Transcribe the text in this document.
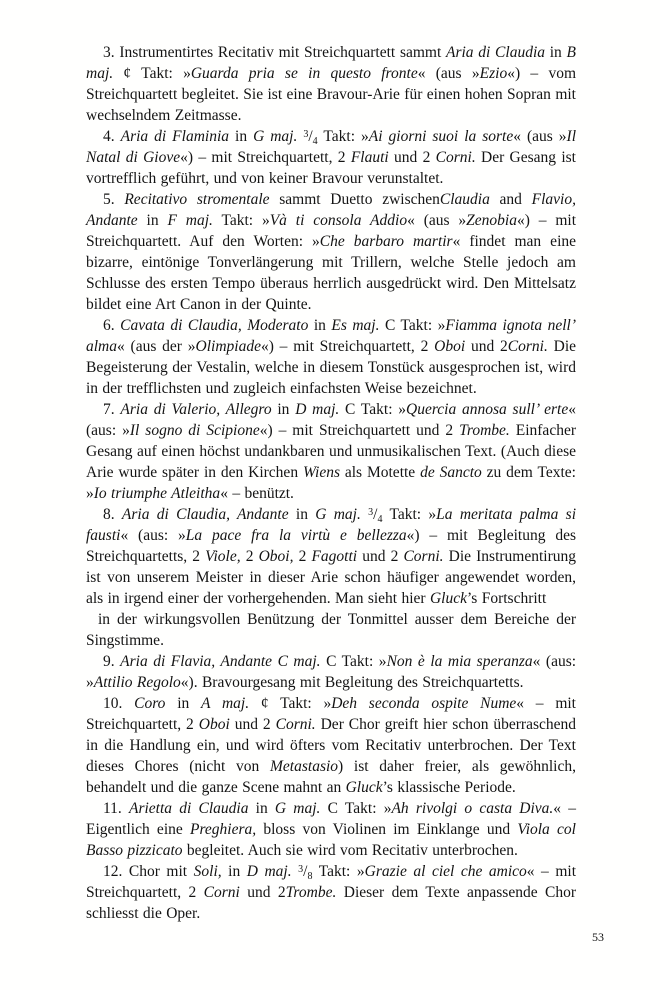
3. Instrumentirtes Recitativ mit Streichquartett sammt Aria di Claudia in B maj. ¢ Takt: »Guarda pria se in questo fronte« (aus »Ezio«) – vom Streichquartett begleitet. Sie ist eine Bravour-Arie für einen hohen Sopran mit wechselndem Zeitmasse.

4. Aria di Flaminia in G maj. $^3/_4$ Takt: »Ai giorni suoi la sorte« (aus »Il Natal di Giove«) – mit Streichquartett, 2 Flauti und 2 Corni. Der Gesang ist vortrefflich geführt, und von keiner Bravour verunstaltet.

5. Recitativo stromentale sammt Duetto zwischenClaudia and Flavio, Andante in F maj. Takt: »Và ti consola Addio« (aus »Zenobia«) – mit Streichquartett. Auf den Worten: »Che barbaro martir« findet man eine bizarre, eintönige Tonverlängerung mit Trillern, welche Stelle jedoch am Schlusse des ersten Tempo überaus herrlich ausgedrückt wird. Den Mittelsatz bildet eine Art Canon in der Quinte.

6. Cavata di Claudia, Moderato in Es maj. C Takt: »Fiamma ignota nell’ alma« (aus der »Olimpiade«) – mit Streichquartett, 2 Oboi und 2Corni. Die Begeisterung der Vestalin, welche in diesem Tonstück ausgesprochen ist, wird in der trefflichsten und zugleich einfachsten Weise bezeichnet.

7. Aria di Valerio, Allegro in D maj. C Takt: »Quercia annosa sull’ erte« (aus: »Il sogno di Scipione«) – mit Streichquartett und 2 Trombe. Einfacher Gesang auf einen höchst undankbaren und unmusikalischen Text. (Auch diese Arie wurde später in den Kirchen Wiens als Motette de Sancto zu dem Texte: »Io triumphe Atleitha« – benützt.

8. Aria di Claudia, Andante in G maj. $^3/_4$ Takt: »La meritata palma si fausti« (aus: »La pace fra la virtù e bellezza«) – mit Begleitung des Streichquartetts, 2 Viole, 2 Oboi, 2 Fagotti und 2 Corni. Die Instrumentirung ist von unserem Meister in dieser Arie schon häufiger angewendet worden, als in irgend einer der vorhergehenden. Man sieht hier Gluck’s Fortschritt

in der wirkungsvollen Benützung der Tonmittel ausser dem Bereiche der Singstimme.

9. Aria di Flavia, Andante C maj. C Takt: »Non è la mia speranza« (aus: »Attilio Regolo«). Bravourgesang mit Begleitung des Streichquartetts.

10. Coro in A maj. ¢ Takt: »Deh seconda ospite Nume« – mit Streichquartett, 2 Oboi und 2 Corni. Der Chor greift hier schon überraschend in die Handlung ein, und wird öfters vom Recitativ unterbrochen. Der Text dieses Chores (nicht von Metastasio) ist daher freier, als gewöhnlich, behandelt und die ganze Scene mahnt an Gluck’s klassische Periode.

11. Arietta di Claudia in G maj. C Takt: »Ah rivolgi o casta Diva.« – Eigentlich eine Preghiera, bloss von Violinen im Einklange und Viola col Basso pizzicato begleitet. Auch sie wird vom Recitativ unterbrochen.

12. Chor mit Soli, in D maj. $^3/_8$ Takt: »Grazie al ciel che amico« – mit Streichquartett, 2 Corni und 2Trombe. Dieser dem Texte anpassende Chor schliesst die Oper.

53
